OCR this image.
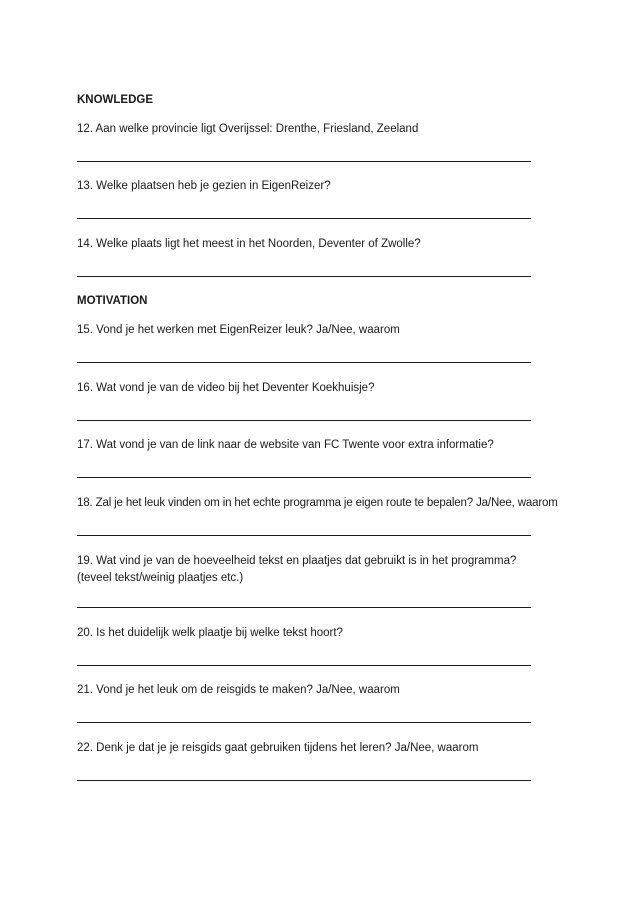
KNOWLEDGE
12. Aan welke provincie ligt Overijssel: Drenthe, Friesland, Zeeland
13. Welke plaatsen heb je gezien in EigenReizer?
14. Welke plaats ligt het meest in het Noorden, Deventer of Zwolle?
MOTIVATION
15. Vond je het werken met EigenReizer leuk? Ja/Nee, waarom
16. Wat vond je van de video bij het Deventer Koekhuisje?
17. Wat vond je van de link naar de website van FC Twente voor extra informatie?
18. Zal je het leuk vinden om in het echte programma je eigen route te bepalen? Ja/Nee, waarom
19. Wat vind je van de hoeveelheid tekst en plaatjes dat gebruikt is in het programma? (teveel tekst/weinig plaatjes etc.)
20. Is het duidelijk welk plaatje bij welke tekst hoort?
21. Vond je het leuk om de reisgids te maken? Ja/Nee, waarom
22. Denk je dat je je reisgids gaat gebruiken tijdens het leren? Ja/Nee, waarom
